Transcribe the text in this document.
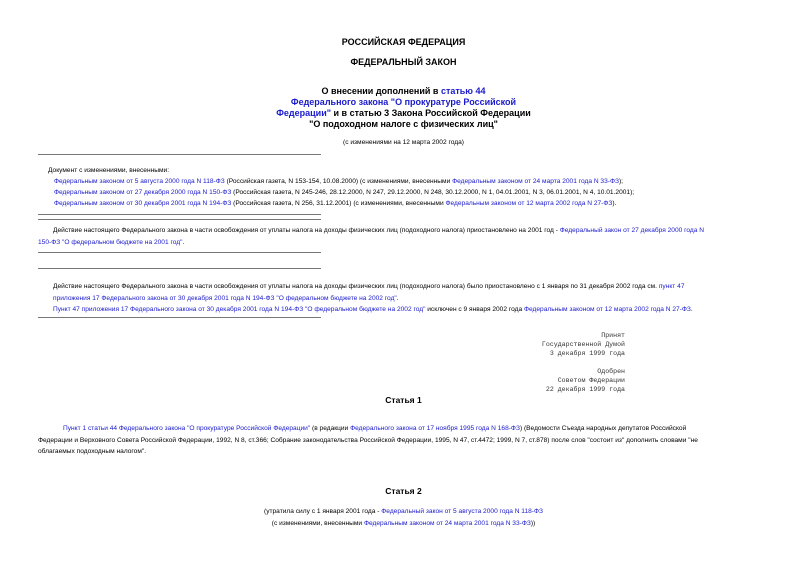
РОССИЙСКАЯ ФЕДЕРАЦИЯ
ФЕДЕРАЛЬНЫЙ ЗАКОН
О внесении дополнений в статью 44
Федерального закона "О прокуратуре Российской
Федерации" и в статью 3 Закона Российской Федерации
"О подоходном налоге с физических лиц"
(с изменениями на 12 марта 2002 года)
Документ с изменениями, внесенными:
Федеральным законом от 5 августа 2000 года N 118-ФЗ (Российская газета, N 153-154, 10.08.2000) (с изменениями, внесенными Федеральным законом от 24 марта 2001 года N 33-ФЗ);
Федеральным законом от 27 декабря 2000 года N 150-ФЗ (Российская газета, N 245-246, 28.12.2000, N 247, 29.12.2000, N 248, 30.12.2000, N 1, 04.01.2001, N 3, 06.01.2001, N 4, 10.01.2001);
Федеральным законом от 30 декабря 2001 года N 194-ФЗ (Российская газета, N 256, 31.12.2001) (с изменениями, внесенными Федеральным законом от 12 марта 2002 года N 27-ФЗ).
Действие настоящего Федерального закона в части освобождения от уплаты налога на доходы физических лиц (подоходного налога) приостановлено на 2001 год - Федеральный закон от 27 декабря 2000 года N
150-ФЗ "О федеральном бюджете на 2001 год".
Действие настоящего Федерального закона в части освобождения от уплаты налога на доходы физических лиц (подоходного налога) было приостановлено с 1 января по 31 декабря 2002 года см. пункт 47
приложения 17 Федерального закона от 30 декабря 2001 года N 194-ФЗ "О федеральном бюджете на 2002 год".
Пункт 47 приложения 17 Федерального закона от 30 декабря 2001 года N 194-ФЗ "О федеральном бюджете на 2002 год" исключен с 9 января 2002 года Федеральным законом от 12 марта 2002 года N 27-ФЗ.
Принят
Государственной Думой
3 декабря 1999 года
Одобрен
Советом Федерации
22 декабря 1999 года
Статья 1
Пункт 1 статьи 44 Федерального закона "О прокуратуре Российской Федерации" (в редакции Федерального закона от 17 ноября 1995 года N 168-ФЗ) (Ведомости Съезда народных депутатов Российской
Федерации и Верховного Совета Российской Федерации, 1992, N 8, ст.366; Собрание законодательства Российской Федерации, 1995, N 47, ст.4472; 1999, N 7, ст.878) после слов "состоит из" дополнить словами "не
облагаемых подоходным налогом".
Статья 2
(утратила силу с 1 января 2001 года - Федеральный закон от 5 августа 2000 года N 118-ФЗ
(с изменениями, внесенными Федеральным законом от 24 марта 2001 года N 33-ФЗ))
